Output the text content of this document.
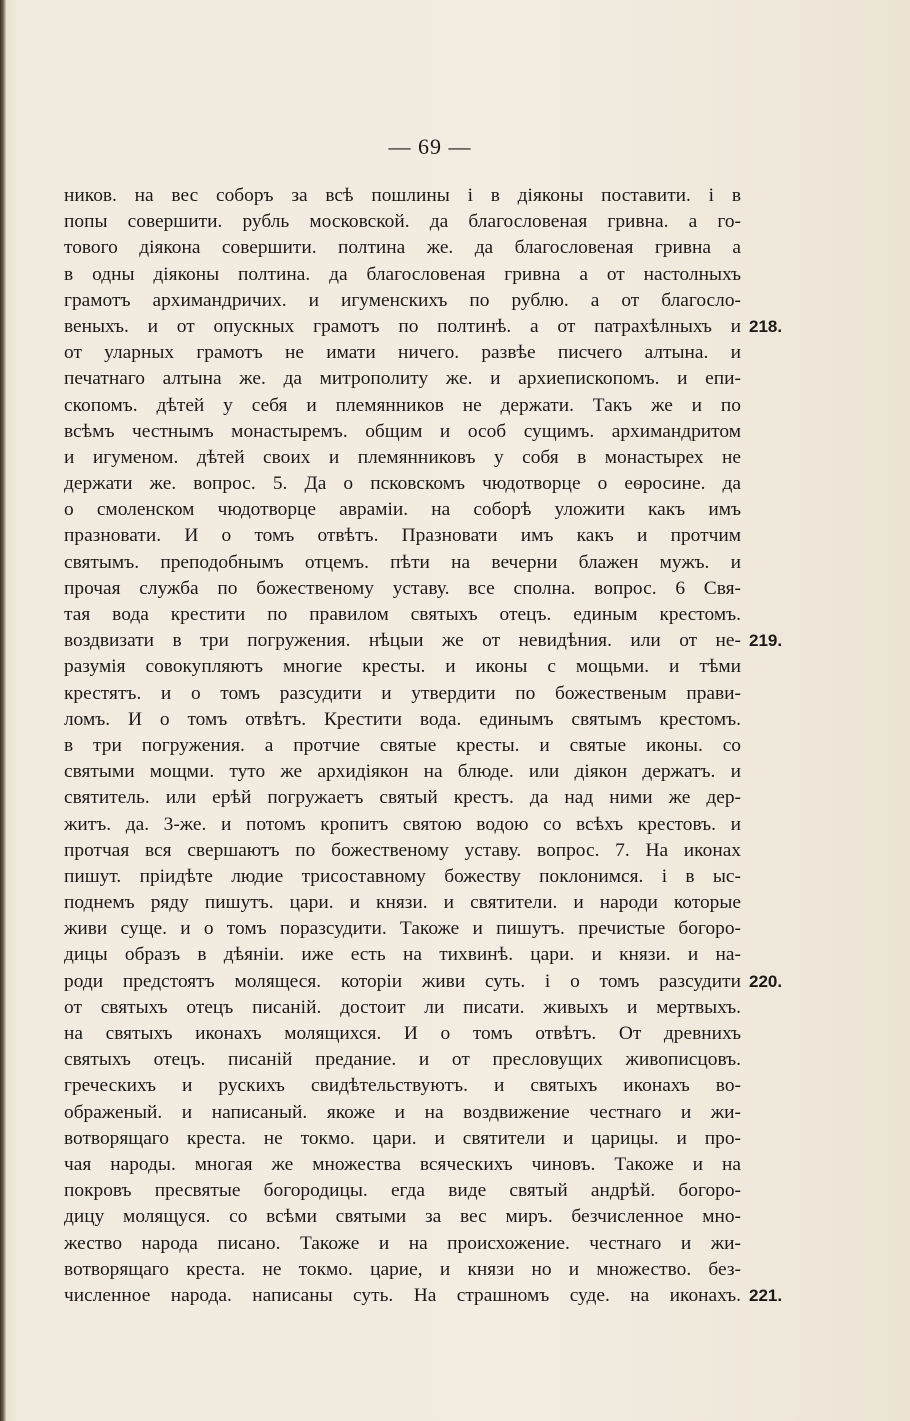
— 69 —
ников. на вес соборъ за всѣ пошлины і в діяконы поставити. і в
попы совершити. рубль московской. да благословеная гривна. а го-
тового діякона совершити. полтина же. да благословеная гривна а
в одны діяконы полтина. да благословеная гривна а от настолныхъ
грамотъ архимандричих. и игуменскихъ по рублю. а от благосло-
веныхъ. и от опускных грамотъ по полтинѣ. а от патрахѣлныхъ и
от уларных грамотъ не имати ничего. развѣе писчего алтына. и
печатнаго алтына же. да митрополиту же. и архиепископомъ. и епи-
скопомъ. дѣтей у себя и племянников не держати. Такъ же и по
всѣмъ честнымъ монастыремъ. общим и особ сущимъ. архимандритом
и игуменом. дѣтей своих и племянниковъ у собя в монастырех не
держати же. вопрос. 5. Да о псковскомъ чюдотворце о еѳросине. да
о смоленском чюдотворце авраміи. на соборѣ уложити какъ имъ
празновати. И о томъ отвѣтъ. Празновати имъ какъ и протчим
святымъ. преподобнымъ отцемъ. пѣти на вечерни блажен мужъ. и
прочая служба по божественому уставу. все сполна. вопрос. 6 Свя-
тая вода крестити по правилом святыхъ отецъ. единым крестомъ.
воздвизати в три погружения. нѣцыи же от невидѣния. или от не-
разумія совокупляютъ многие кресты. и иконы с мощьми. и тѣми
крестятъ. и о томъ разсудити и утвердити по божественым прави-
ломъ. И о томъ отвѣтъ. Крестити вода. единымъ святымъ крестомъ.
в три погружения. а протчие святые кресты. и святые иконы. со
святыми мощми. туто же архидіякон на блюде. или діякон держатъ. и
святитель. или ерѣй погружаетъ святый крестъ. да над ними же дер-
житъ. да. 3-же. и потомъ кропитъ святою водою со всѣхъ крестовъ. и
протчая вся свершаютъ по божественому уставу. вопрос. 7. На иконах
пишут. пріидѣте людие трисоставному божеству поклонимся. і в ыс-
поднемъ ряду пишутъ. цари. и князи. и святители. и народи которые
живи суще. и о томъ поразсудити. Такоже и пишутъ. пречистые богоро-
дицы образъ в дѣяніи. иже есть на тихвинѣ. цари. и князи. и на-
роди предстоятъ молящеся. которіи живи суть. і о томъ разсудити
от святыхъ отецъ писаній. достоит ли писати. живыхъ и мертвыхъ.
на святыхъ иконахъ молящихся. И о томъ отвѣтъ. От древнихъ
святыхъ отецъ. писаній предание. и от пресловущих живописцовъ.
греческихъ и рускихъ свидѣтельствуютъ. и святыхъ иконахъ во-
ображеный. и написаный. якоже и на воздвижение честнаго и жи-
вотворящаго креста. не токмо. цари. и святители и царицы. и про-
чая народы. многая же множества всяческихъ чиновъ. Такоже и на
покровъ пресвятые богородицы. егда виде святый андрѣй. богоро-
дицу молящуся. со всѣми святыми за вес миръ. безчисленное мно-
жество народа писано. Такоже и на происхожение. честнаго и жи-
вотворящаго креста. не токмо. царие, и князи но и множество. без-
численное народа. написаны суть. На страшномъ суде. на иконахъ.
218.
219.
220.
221.
